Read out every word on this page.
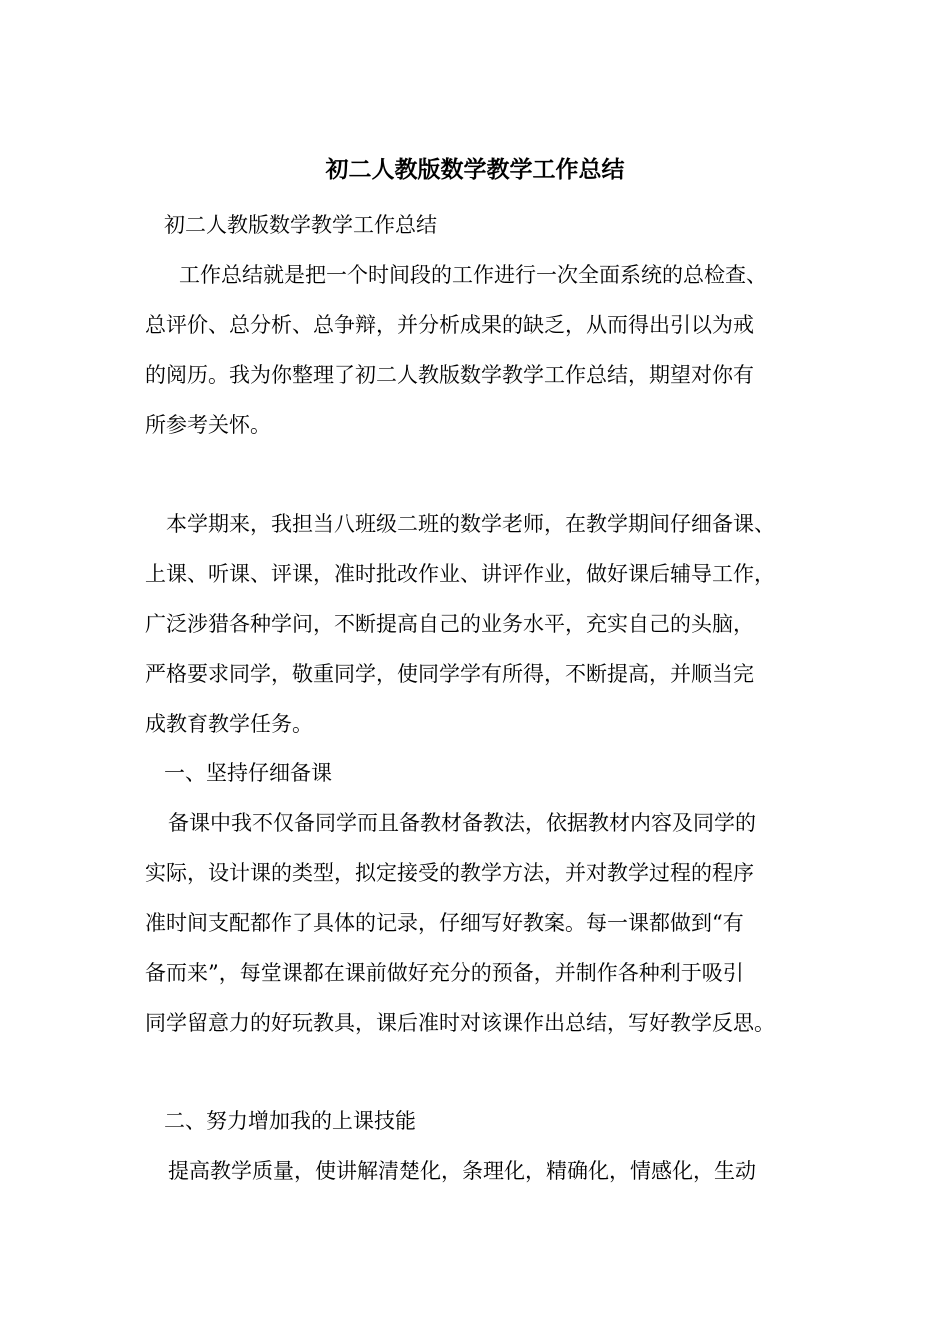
初二人教版数学教学工作总结
初二人教版数学教学工作总结
工作总结就是把一个时间段的工作进行一次全面系统的总检查、
总评价、总分析、总争辩，并分析成果的缺乏，从而得出引以为戒
的阅历。我为你整理了初二人教版数学教学工作总结，期望对你有
所参考关怀。
本学期来，我担当八班级二班的数学老师，在教学期间仔细备课、
上课、听课、评课，准时批改作业、讲评作业，做好课后辅导工作，
广泛涉猎各种学问，不断提高自己的业务水平，充实自己的头脑，
严格要求同学，敬重同学，使同学学有所得，不断提高，并顺当完
成教育教学任务。
一、坚持仔细备课
备课中我不仅备同学而且备教材备教法，依据教材内容及同学的
实际，设计课的类型，拟定接受的教学方法，并对教学过程的程序
准时间支配都作了具体的记录，仔细写好教案。每一课都做到“有
备而来”，每堂课都在课前做好充分的预备，并制作各种利于吸引
同学留意力的好玩教具，课后准时对该课作出总结，写好教学反思。
二、努力增加我的上课技能
提高教学质量，使讲解清楚化，条理化，精确化，情感化，生动
